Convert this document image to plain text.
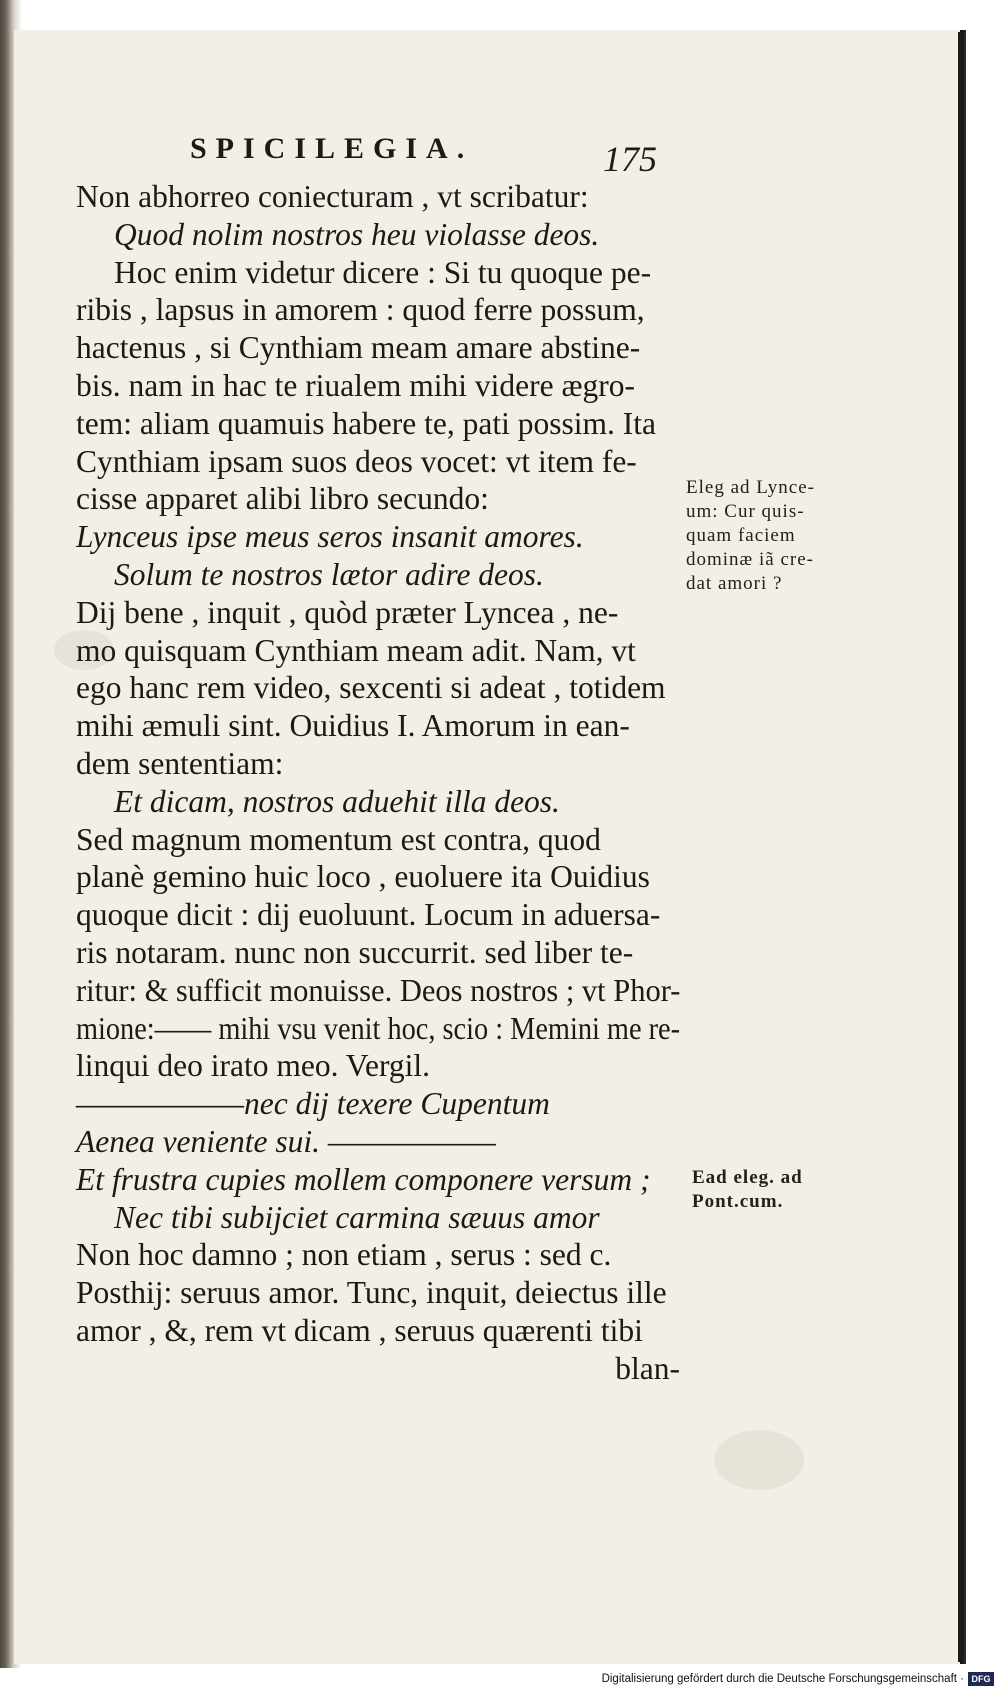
SPICILEGIA.	175
Non abhorreo coniecturam , vt scribatur:
Quod nolim nostros heu violasse deos.
Hoc enim videtur dicere : Si tu quoque pe-
ribis , lapsus in amorem : quod ferre possum,
hactenus , si Cynthiam meam amare abstine-
bis. nam in hac te riualem mihi videre ægro-
tem: aliam quamuis habere te, pati possim. Ita
Cynthiam ipsam suos deos vocet: vt item fe-
cisse apparet alibi libro secundo:
Lynceus ipse meus seros insanit amores.
Solum te nostros lætor adire deos.
Dij bene , inquit , quòd præter Lyncea , ne-
mo quisquam Cynthiam meam adit. Nam, vt
ego hanc rem video, sexcenti si adeat , totidem
mihi æmuli sint. Ouidius I. Amorum in ean-
dem sententiam:
Et dicam, nostros aduehit illa deos.
Sed magnum momentum est contra, quod
planè gemino huic loco , euoluere ita Ouidius
quoque dicit : dij euoluunt. Locum in aduersa-
ris notaram. nunc non succurrit. sed liber te-
ritur: & sufficit monuisse. Deos nostros ; vt Phor-
mione:—— mihi vsu venit hoc, scio : Memini me re-
linqui deo irato meo. Vergil.
——————nec dij texere Cupentum
Aenea veniente sui. ——————
Et frustra cupies mollem componere versum ;
Nec tibi subijciet carmina sæuus amor
Non hoc damno ; non etiam , serus : sed c.
Posthij: seruus amor. Tunc, inquit, deiectus ille
amor , &, rem vt dicam , seruus quærenti tibi
blan-
Eleg ad Lynce-
um: Cur quis-
quam faciem
dominæ iã cre-
dat amori ?
Ead eleg. ad
Pont.cum.
Digitalisierung gefördert durch die Deutsche Forschungsgemeinschaft · DFG
